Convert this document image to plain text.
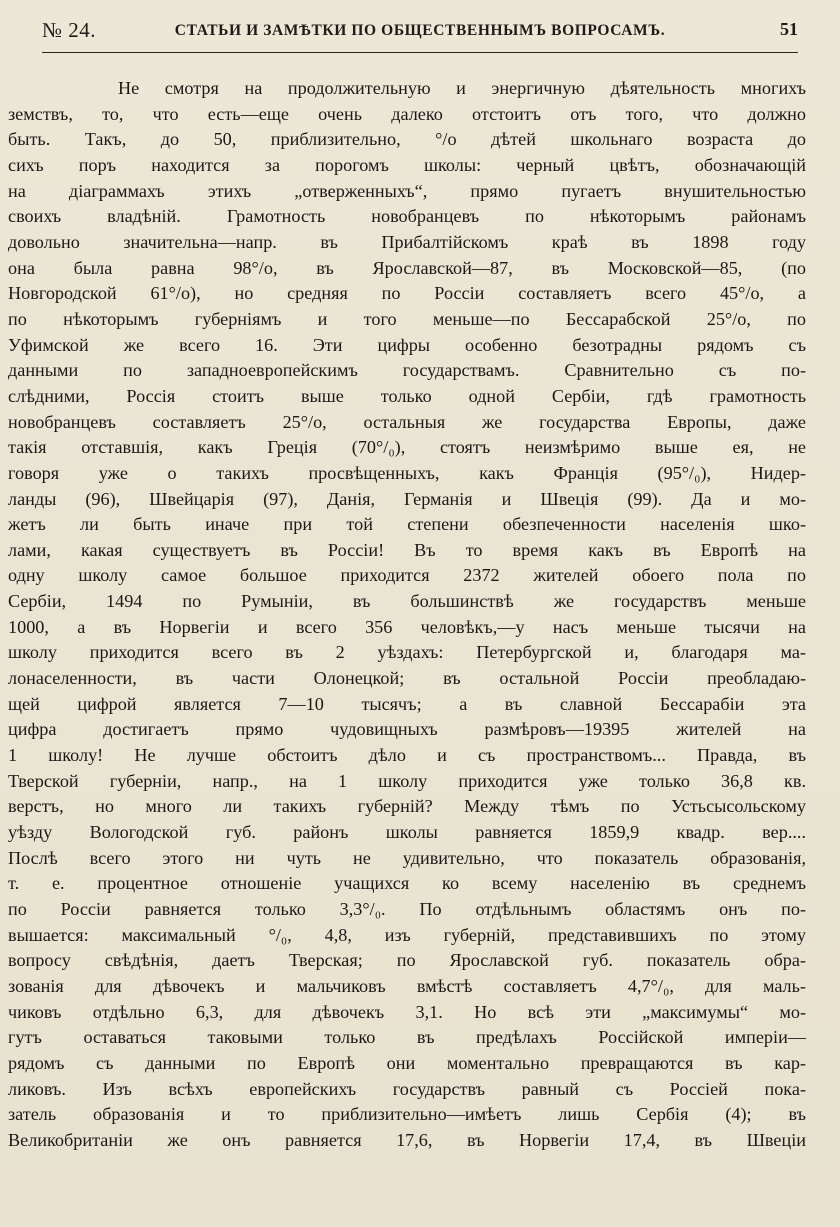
№ 24.	СТАТЬИ И ЗАМѢТКИ ПО ОБЩЕСТВЕННЫМЪ ВОПРОСАМЪ.	51
Не смотря на продолжительную и энергичную дѣятельность многихъ
земствъ, то, что есть—еще очень далеко отстоитъ отъ того, что должно
быть. Такъ, до 50, приблизительно, °/о дѣтей школьнаго возраста до
сихъ поръ находится за порогомъ школы: черный цвѣтъ, обозначающій
на діаграммахъ этихъ „отверженныхъ“, прямо пугаетъ внушительностью
своихъ владѣній. Грамотность новобранцевъ по нѣкоторымъ районамъ
довольно значительна—напр. въ Прибалтійскомъ краѣ въ 1898 году
она была равна 98°/о, въ Ярославской—87, въ Московской—85, (по
Новгородской 61°/о), но средняя по Россіи составляетъ всего 45°/о, а
по нѣкоторымъ губерніямъ и того меньше—по Бессарабской 25°/о, по
Уфимской же всего 16. Эти цифры особенно безотрадны рядомъ съ
данными по западноевропейскимъ государствамъ. Сравнительно съ по-
слѣдними, Россія стоитъ выше только одной Сербіи, гдѣ грамотность
новобранцевъ составляетъ 25°/о, остальныя же государства Европы, даже
такія отставшія, какъ Греція (70°/₀), стоятъ неизмѣримо выше ея, не
говоря уже о такихъ просвѣщенныхъ, какъ Франція (95°/₀), Нидер-
ланды (96), Швейцарія (97), Данія, Германія и Швеція (99). Да и мо-
жетъ ли быть иначе при той степени обезпеченности населенія шко-
лами, какая существуетъ въ Россіи! Въ то время какъ въ Европѣ на
одну школу самое большое приходится 2372 жителей обоего пола по
Сербіи, 1494 по Румыніи, въ большинствѣ же государствъ меньше
1000, а въ Норвегіи и всего 356 человѣкъ,—у насъ меньше тысячи на
школу приходится всего въ 2 уѣздахъ: Петербургской и, благодаря ма-
лонаселенности, въ части Олонецкой; въ остальной Россіи преобладаю-
щей цифрой является 7—10 тысячъ; а въ славной Бессарабіи эта
цифра достигаетъ прямо чудовищныхъ размѣровъ—19395 жителей на
1 школу! Не лучше обстоитъ дѣло и съ пространствомъ... Правда, въ
Тверской губерніи, напр., на 1 школу приходится уже только 36,8 кв.
верстъ, но много ли такихъ губерній? Между тѣмъ по Устьсысольскому
уѣзду Вологодской губ. районъ школы равняется 1859,9 квадр. вер....
Послѣ всего этого ни чуть не удивительно, что показатель образованія,
т. е. процентное отношеніе учащихся ко всему населенію въ среднемъ
по Россіи равняется только 3,3°/₀. По отдѣльнымъ областямъ онъ по-
вышается: максимальный °/₀, 4,8, изъ губерній, представившихъ по этому
вопросу свѣдѣнія, даетъ Тверская; по Ярославской губ. показатель обра-
зованія для дѣвочекъ и мальчиковъ вмѣстѣ составляетъ 4,7°/₀, для маль-
чиковъ отдѣльно 6,3, для дѣвочекъ 3,1. Но всѣ эти „максимумы“ мо-
гутъ оставаться таковыми только въ предѣлахъ Россійской имперіи—
рядомъ съ данными по Европѣ они моментально превращаются въ кар-
ликовъ. Изъ всѣхъ европейскихъ государствъ равный съ Россіей пока-
затель образованія и то приблизительно—имѣетъ лишь Сербія (4); въ
Великобританіи же онъ равняется 17,6, въ Норвегіи 17,4, въ Швеціи
